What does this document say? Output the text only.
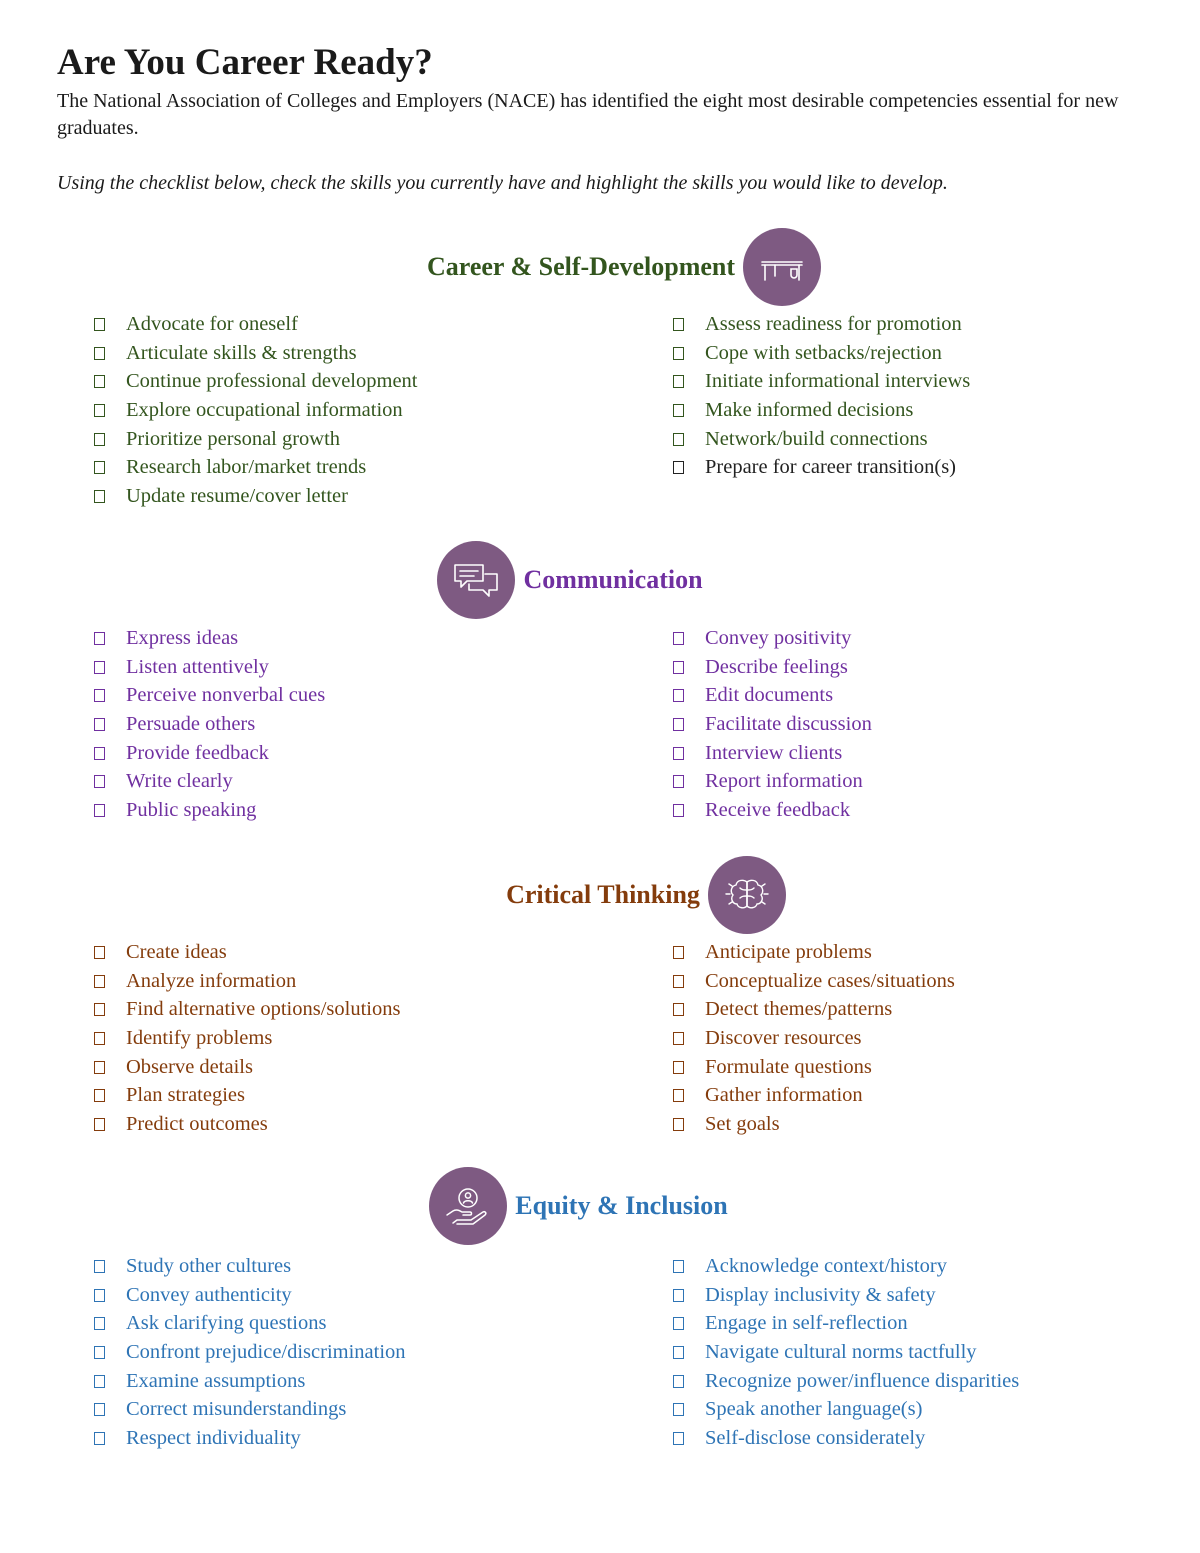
Are You Career Ready?

The National Association of Colleges and Employers (NACE) has identified the eight most desirable competencies essential for new graduates.

Using the checklist below, check the skills you currently have and highlight the skills you would like to develop.

Career & Self-Development
Advocate for oneself
Articulate skills & strengths
Continue professional development
Explore occupational information
Prioritize personal growth
Research labor/market trends
Update resume/cover letter
Assess readiness for promotion
Cope with setbacks/rejection
Initiate informational interviews
Make informed decisions
Network/build connections
Prepare for career transition(s)
Communication
Express ideas
Listen attentively
Perceive nonverbal cues
Persuade others
Provide feedback
Write clearly
Public speaking
Convey positivity
Describe feelings
Edit documents
Facilitate discussion
Interview clients
Report information
Receive feedback
Critical Thinking
Create ideas
Analyze information
Find alternative options/solutions
Identify problems
Observe details
Plan strategies
Predict outcomes
Anticipate problems
Conceptualize cases/situations
Detect themes/patterns
Discover resources
Formulate questions
Gather information
Set goals
Equity & Inclusion
Study other cultures
Convey authenticity
Ask clarifying questions
Confront prejudice/discrimination
Examine assumptions
Correct misunderstandings
Respect individuality
Acknowledge context/history
Display inclusivity & safety
Engage in self-reflection
Navigate cultural norms tactfully
Recognize power/influence disparities
Speak another language(s)
Self-disclose considerately
